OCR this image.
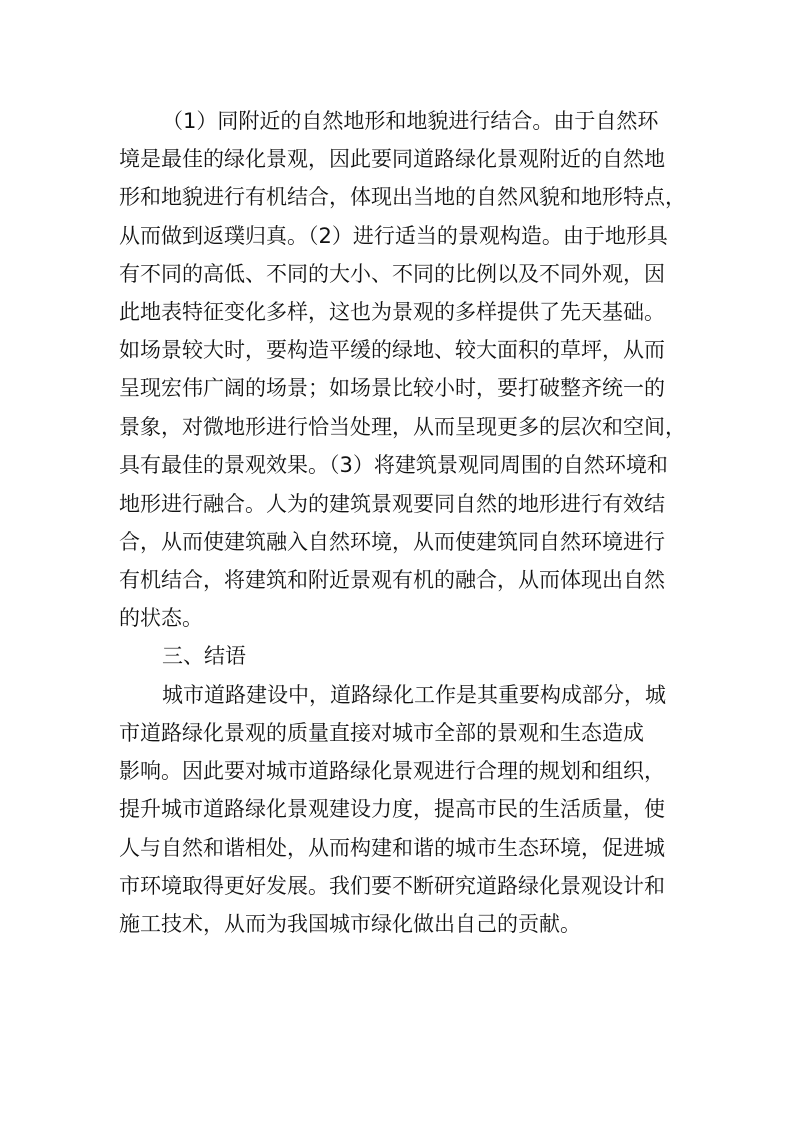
（1）同附近的自然地形和地貌进行结合。由于自然环
境是最佳的绿化景观，因此要同道路绿化景观附近的自然地
形和地貌进行有机结合，体现出当地的自然风貌和地形特点，
从而做到返璞归真。（2）进行适当的景观构造。由于地形具
有不同的高低、不同的大小、不同的比例以及不同外观，因
此地表特征变化多样，这也为景观的多样提供了先天基础。
如场景较大时，要构造平缓的绿地、较大面积的草坪，从而
呈现宏伟广阔的场景；如场景比较小时，要打破整齐统一的
景象，对微地形进行恰当处理，从而呈现更多的层次和空间，
具有最佳的景观效果。（3）将建筑景观同周围的自然环境和
地形进行融合。人为的建筑景观要同自然的地形进行有效结
合，从而使建筑融入自然环境，从而使建筑同自然环境进行
有机结合，将建筑和附近景观有机的融合，从而体现出自然
的状态。
三、结语
城市道路建设中，道路绿化工作是其重要构成部分，城
市道路绿化景观的质量直接对城市全部的景观和生态造成
影响。因此要对城市道路绿化景观进行合理的规划和组织，
提升城市道路绿化景观建设力度，提高市民的生活质量，使
人与自然和谐相处，从而构建和谐的城市生态环境，促进城
市环境取得更好发展。我们要不断研究道路绿化景观设计和
施工技术，从而为我国城市绿化做出自己的贡献。
